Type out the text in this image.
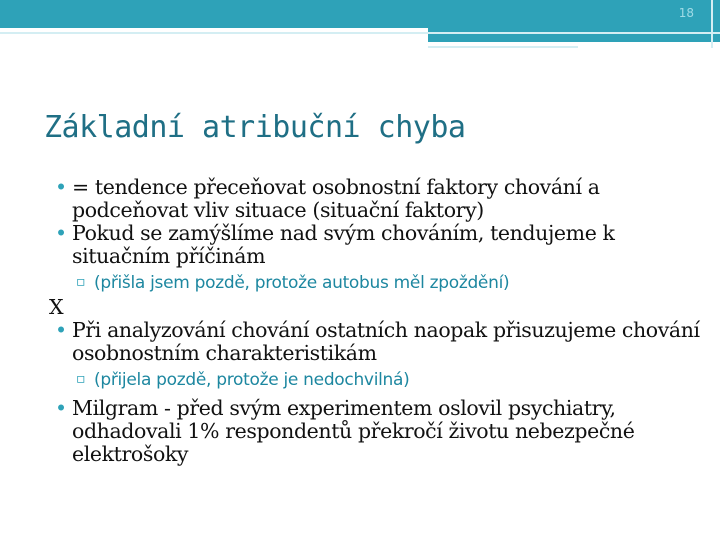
18
Základní atribuční chyba
• = tendence přeceňovat osobnostní faktory chování a podceňovat vliv situace (situační faktory)
• Pokud se zamýšlíme nad svým chováním, tendujeme k situačním příčinám
▫ (přišla jsem pozdě, protože autobus měl zpoždění)
X
• Při analyzování chování ostatních naopak přisuzujeme chování osobnostním charakteristikám
▫ (přijela pozdě, protože je nedochvilná)
• Milgram - před svým experimentem oslovil psychiatry, odhadovali 1% respondentů překročí životu nebezpečné elektrošoky
